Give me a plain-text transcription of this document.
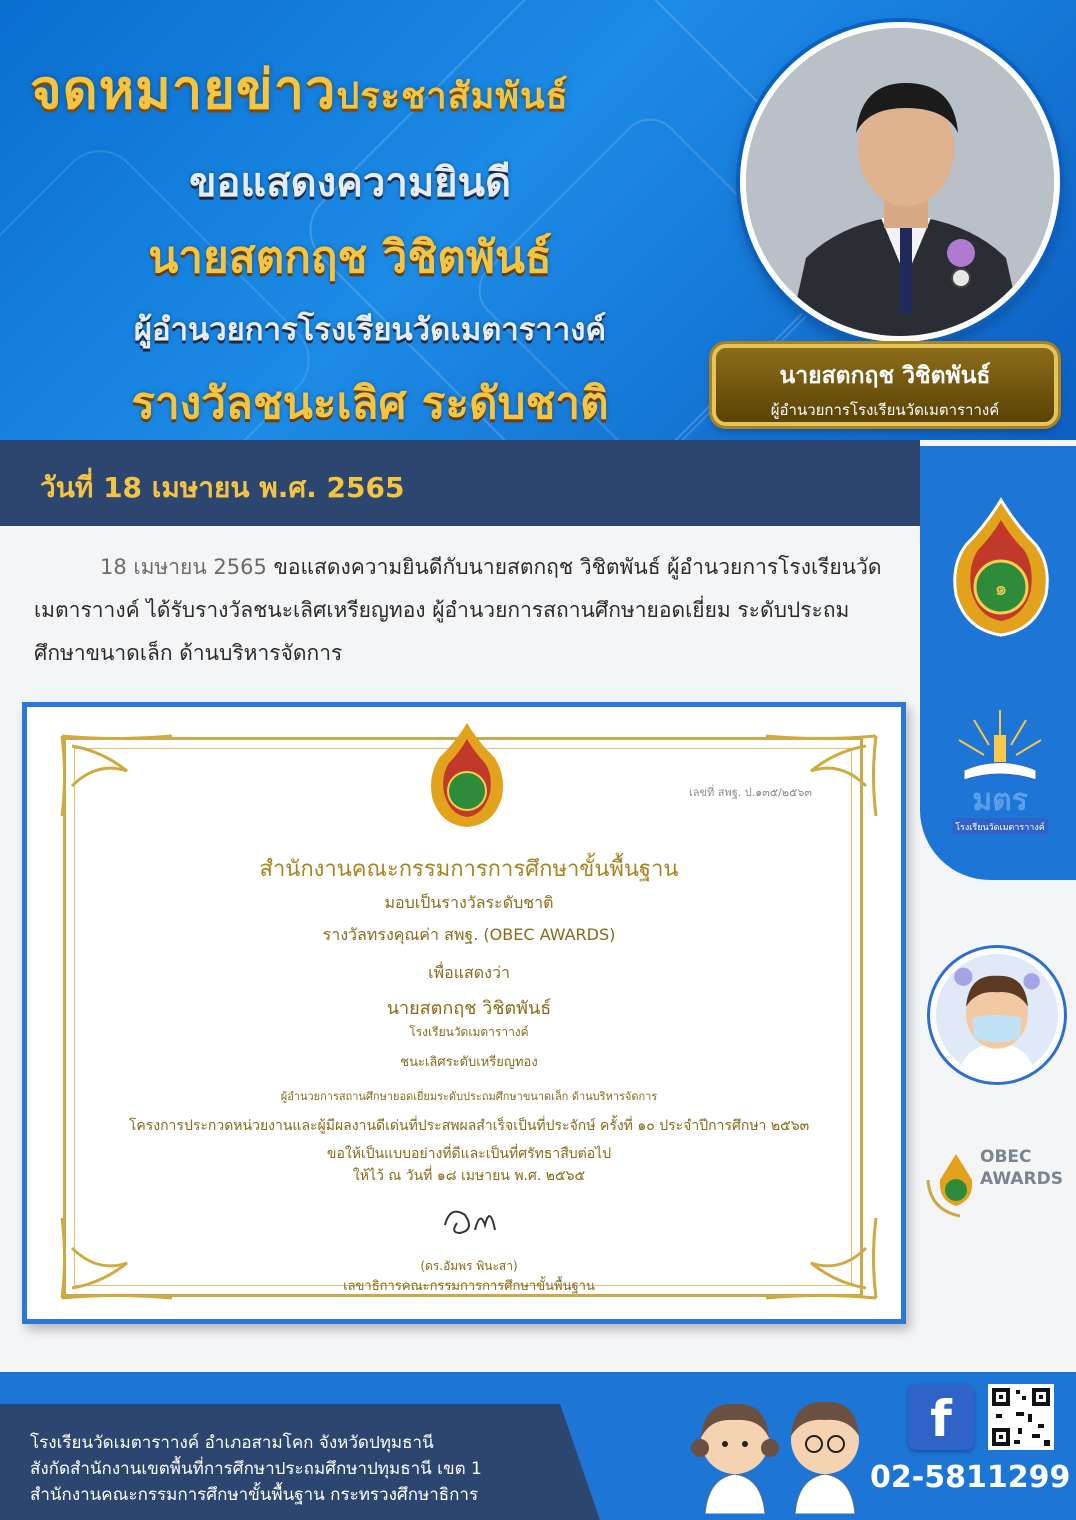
จดหมายข่าวประชาสัมพันธ์
ขอแสดงความยินดี
นายสตกฤช วิชิตพันธ์
ผู้อำนวยการโรงเรียนวัดเมตาราางค์
รางวัลชนะเลิศ ระดับชาติ
นายสตกฤช วิชิตพันธ์
ผู้อำนวยการโรงเรียนวัดเมตาราางค์
วันที่ 18 เมษายน พ.ศ. 2565
๑
มตร
โรงเรียนวัดเมตาราางค์
OBEC
AWARDS
18 เมษายน 2565 ขอแสดงความยินดีกับนายสตกฤช วิชิตพันธ์ ผู้อำนวยการโรงเรียนวัดเมตาราางค์ ได้รับรางวัลชนะเลิศเหรียญทอง ผู้อำนวยการสถานศึกษายอดเยี่ยม ระดับประถมศึกษาขนาดเล็ก ด้านบริหารจัดการ
เลขที่ สพฐ. ป.๑๓๕/๒๕๖๓
สำนักงานคณะกรรมการการศึกษาขั้นพื้นฐาน
มอบเป็นรางวัลระดับชาติ
รางวัลทรงคุณค่า สพฐ. (OBEC AWARDS)
เพื่อแสดงว่า
นายสตกฤช วิชิตพันธ์
โรงเรียนวัดเมตาราางค์
ชนะเลิศระดับเหรียญทอง
ผู้อำนวยการสถานศึกษายอดเยี่ยมระดับประถมศึกษาขนาดเล็ก ด้านบริหารจัดการ
โครงการประกวดหน่วยงานและผู้มีผลงานดีเด่นที่ประสพผลสำเร็จเป็นที่ประจักษ์ ครั้งที่ ๑๐ ประจำปีการศึกษา ๒๕๖๓
ขอให้เป็นแบบอย่างที่ดีและเป็นที่ศรัทธาสืบต่อไป
ให้ไว้ ณ วันที่ ๑๘ เมษายน พ.ศ. ๒๕๖๕
(ดร.อัมพร พินะสา)
เลขาธิการคณะกรรมการการศึกษาขั้นพื้นฐาน
โรงเรียนวัดเมตาราางค์ อำเภอสามโคก จังหวัดปทุมธานี
สังกัดสำนักงานเขตพื้นที่การศึกษาประถมศึกษาปทุมธานี เขต 1
สำนักงานคณะกรรมการศึกษาขั้นพื้นฐาน กระทรวงศึกษาธิการ
f
02-5811299
